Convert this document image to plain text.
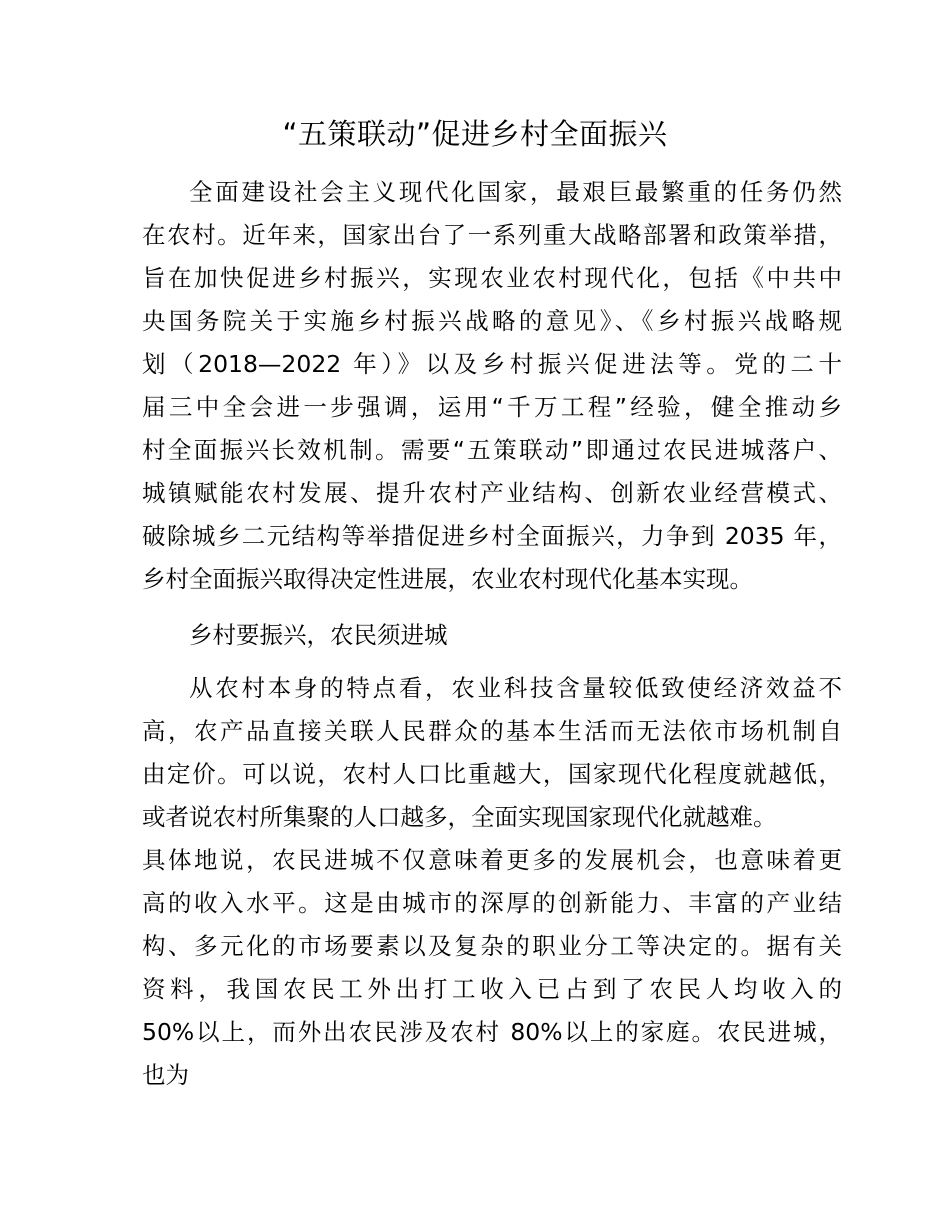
“五策联动”促进乡村全面振兴
全面建设社会主义现代化国家，最艰巨最繁重的任务仍然
在农村。近年来，国家出台了一系列重大战略部署和政策举措，
旨在加快促进乡村振兴，实现农业农村现代化，包括《中共中
央国务院关于实施乡村振兴战略的意见》、《乡村振兴战略规
划（2018—2022 年）》以及乡村振兴促进法等。党的二十
届三中全会进一步强调，运用“千万工程”经验，健全推动乡
村全面振兴长效机制。需要“五策联动”即通过农民进城落户、
城镇赋能农村发展、提升农村产业结构、创新农业经营模式、
破除城乡二元结构等举措促进乡村全面振兴，力争到 2035 年，
乡村全面振兴取得决定性进展，农业农村现代化基本实现。
乡村要振兴，农民须进城
从农村本身的特点看，农业科技含量较低致使经济效益不
高，农产品直接关联人民群众的基本生活而无法依市场机制自
由定价。可以说，农村人口比重越大，国家现代化程度就越低，
或者说农村所集聚的人口越多，全面实现国家现代化就越难。
具体地说，农民进城不仅意味着更多的发展机会，也意味着更
高的收入水平。这是由城市的深厚的创新能力、丰富的产业结
构、多元化的市场要素以及复杂的职业分工等决定的。据有关
资料，我国农民工外出打工收入已占到了农民人均收入的
50%以上，而外出农民涉及农村 80%以上的家庭。农民进城，
也为
